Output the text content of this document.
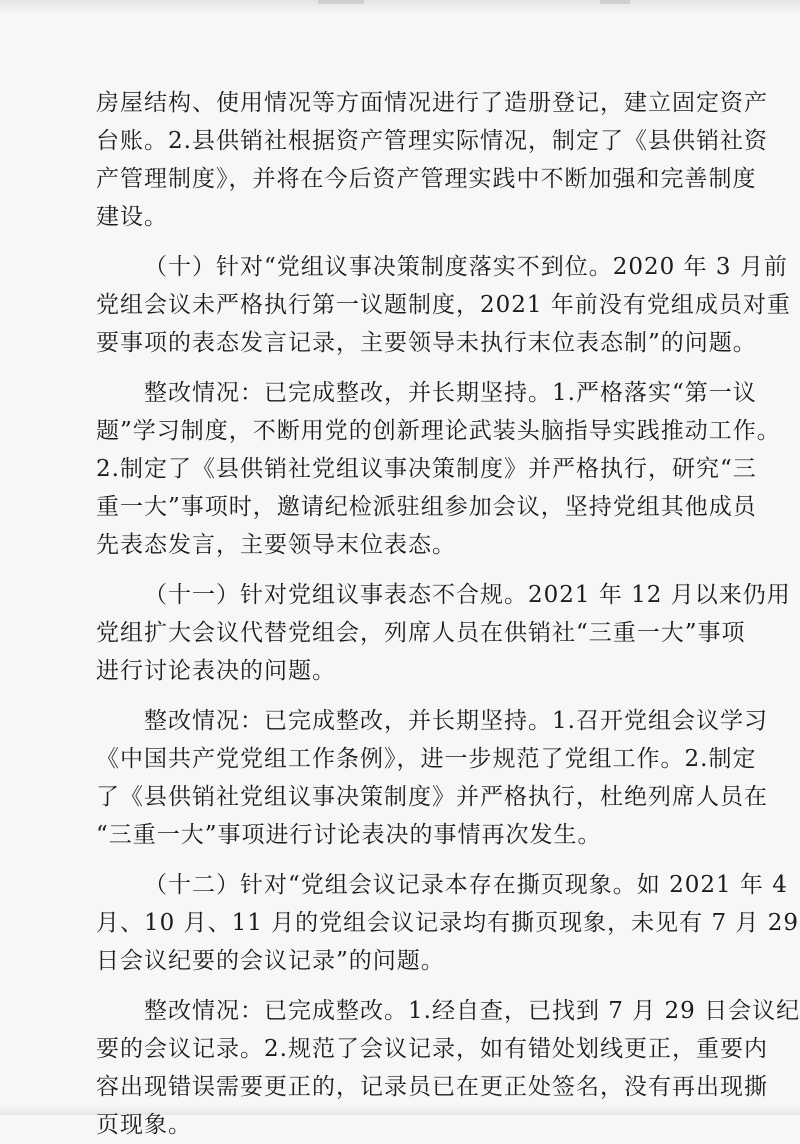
房屋结构、使用情况等方面情况进行了造册登记，建立固定资产
台账。2.县供销社根据资产管理实际情况，制定了《县供销社资
产管理制度》，并将在今后资产管理实践中不断加强和完善制度
建设。
（十）针对“党组议事决策制度落实不到位。2020 年 3 月前
党组会议未严格执行第一议题制度，2021 年前没有党组成员对重
要事项的表态发言记录，主要领导未执行末位表态制”的问题。
整改情况：已完成整改，并长期坚持。1.严格落实“第一议
题”学习制度，不断用党的创新理论武装头脑指导实践推动工作。
2.制定了《县供销社党组议事决策制度》并严格执行，研究“三
重一大”事项时，邀请纪检派驻组参加会议，坚持党组其他成员
先表态发言，主要领导末位表态。
（十一）针对党组议事表态不合规。2021 年 12 月以来仍用
党组扩大会议代替党组会，列席人员在供销社“三重一大”事项
进行讨论表决的问题。
整改情况：已完成整改，并长期坚持。1.召开党组会议学习
《中国共产党党组工作条例》，进一步规范了党组工作。2.制定
了《县供销社党组议事决策制度》并严格执行，杜绝列席人员在
“三重一大”事项进行讨论表决的事情再次发生。
（十二）针对“党组会议记录本存在撕页现象。如 2021 年 4
月、10 月、11 月的党组会议记录均有撕页现象，未见有 7 月 29
日会议纪要的会议记录”的问题。
整改情况：已完成整改。1.经自查，已找到 7 月 29 日会议纪
要的会议记录。2.规范了会议记录，如有错处划线更正，重要内
容出现错误需要更正的，记录员已在更正处签名，没有再出现撕
页现象。
